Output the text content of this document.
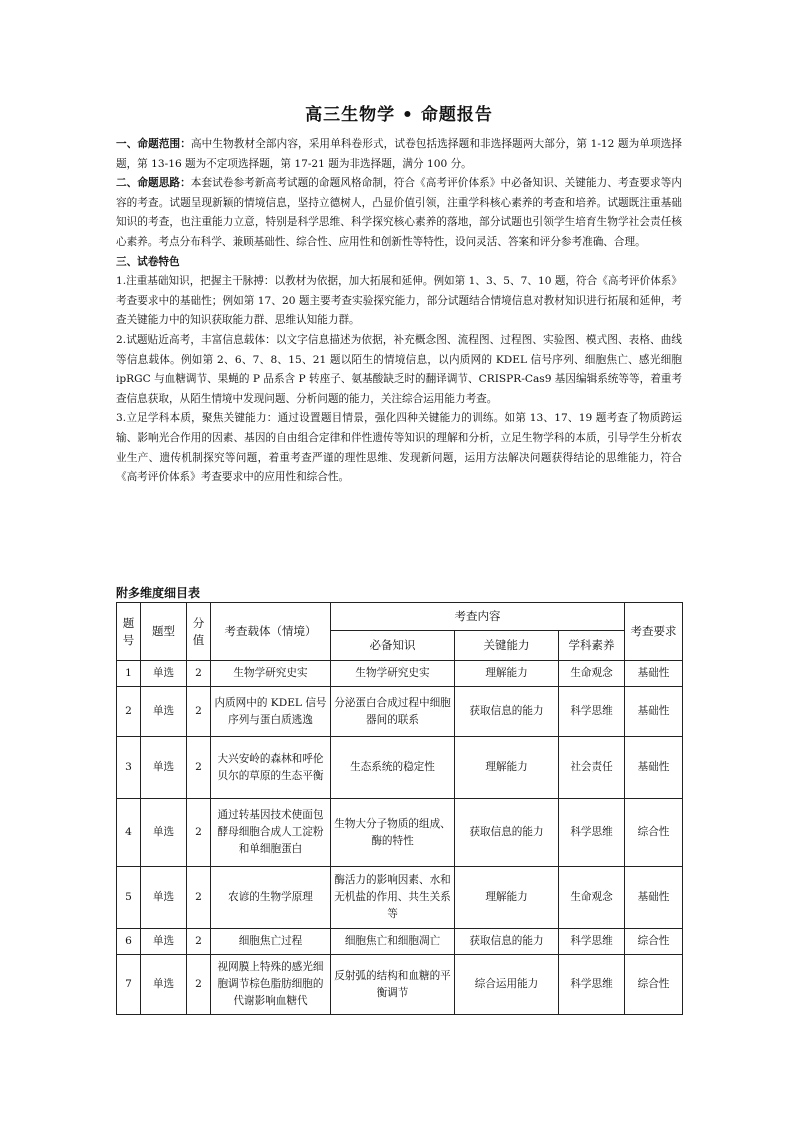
高三生物学 • 命题报告

一、命题范围：高中生物教材全部内容，采用单科卷形式，试卷包括选择题和非选择题两大部分，第 1-12 题为单项选择题，第 13-16 题为不定项选择题，第 17-21 题为非选择题，满分 100 分。

二、命题思路：本套试卷参考新高考试题的命题风格命制，符合《高考评价体系》中必备知识、关键能力、考查要求等内容的考查。试题呈现新颖的情境信息，坚持立德树人，凸显价值引领，注重学科核心素养的考查和培养。试题既注重基础知识的考查，也注重能力立意，特别是科学思维、科学探究核心素养的落地，部分试题也引领学生培育生物学社会责任核心素养。考点分布科学、兼顾基础性、综合性、应用性和创新性等特性，设问灵活、答案和评分参考准确、合理。

三、试卷特色

1.注重基础知识，把握主干脉搏：以教材为依据，加大拓展和延伸。例如第 1、3、5、7、10 题，符合《高考评价体系》考查要求中的基础性；例如第 17、20 题主要考查实验探究能力，部分试题结合情境信息对教材知识进行拓展和延伸，考查关键能力中的知识获取能力群、思维认知能力群。

2.试题贴近高考，丰富信息载体：以文字信息描述为依据，补充概念图、流程图、过程图、实验图、模式图、表格、曲线等信息载体。例如第 2、6、7、8、15、21 题以陌生的情境信息，以内质网的 KDEL 信号序列、细胞焦亡、感光细胞 ipRGC 与血糖调节、果蝇的 P 品系含 P 转座子、氨基酸缺乏时的翻译调节、CRISPR-Cas9 基因编辑系统等等，着重考查信息获取，从陌生情境中发现问题、分析问题的能力，关注综合运用能力考查。

3.立足学科本质，聚焦关键能力：通过设置题目情景，强化四种关键能力的训练。如第 13、17、19 题考查了物质跨运输、影响光合作用的因素、基因的自由组合定律和伴性遗传等知识的理解和分析，立足生物学科的本质，引导学生分析农业生产、遗传机制探究等问题，着重考查严谨的理性思维、发现新问题，运用方法解决问题获得结论的思维能力，符合《高考评价体系》考查要求中的应用性和综合性。

附多维度细目表

题号	题型	分值	考查载体（情境）	考查内容			考查要求
				必备知识	关键能力	学科素养	
1	单选	2	生物学研究史实	生物学研究史实	理解能力	生命观念	基础性
2	单选	2	内质网中的 KDEL 信号序列与蛋白质逃逸	分泌蛋白合成过程中细胞器间的联系	获取信息的能力	科学思维	基础性
3	单选	2	大兴安岭的森林和呼伦贝尔的草原的生态平衡	生态系统的稳定性	理解能力	社会责任	基础性
4	单选	2	通过转基因技术使面包酵母细胞合成人工淀粉和单细胞蛋白	生物大分子物质的组成、酶的特性	获取信息的能力	科学思维	综合性
5	单选	2	农谚的生物学原理	酶活力的影响因素、水和无机盐的作用、共生关系等	理解能力	生命观念	基础性
6	单选	2	细胞焦亡过程	细胞焦亡和细胞凋亡	获取信息的能力	科学思维	综合性
7	单选	2	视网膜上特殊的感光细胞调节棕色脂肪细胞的代谢影响血糖代	反射弧的结构和血糖的平衡调节	综合运用能力	科学思维	综合性
